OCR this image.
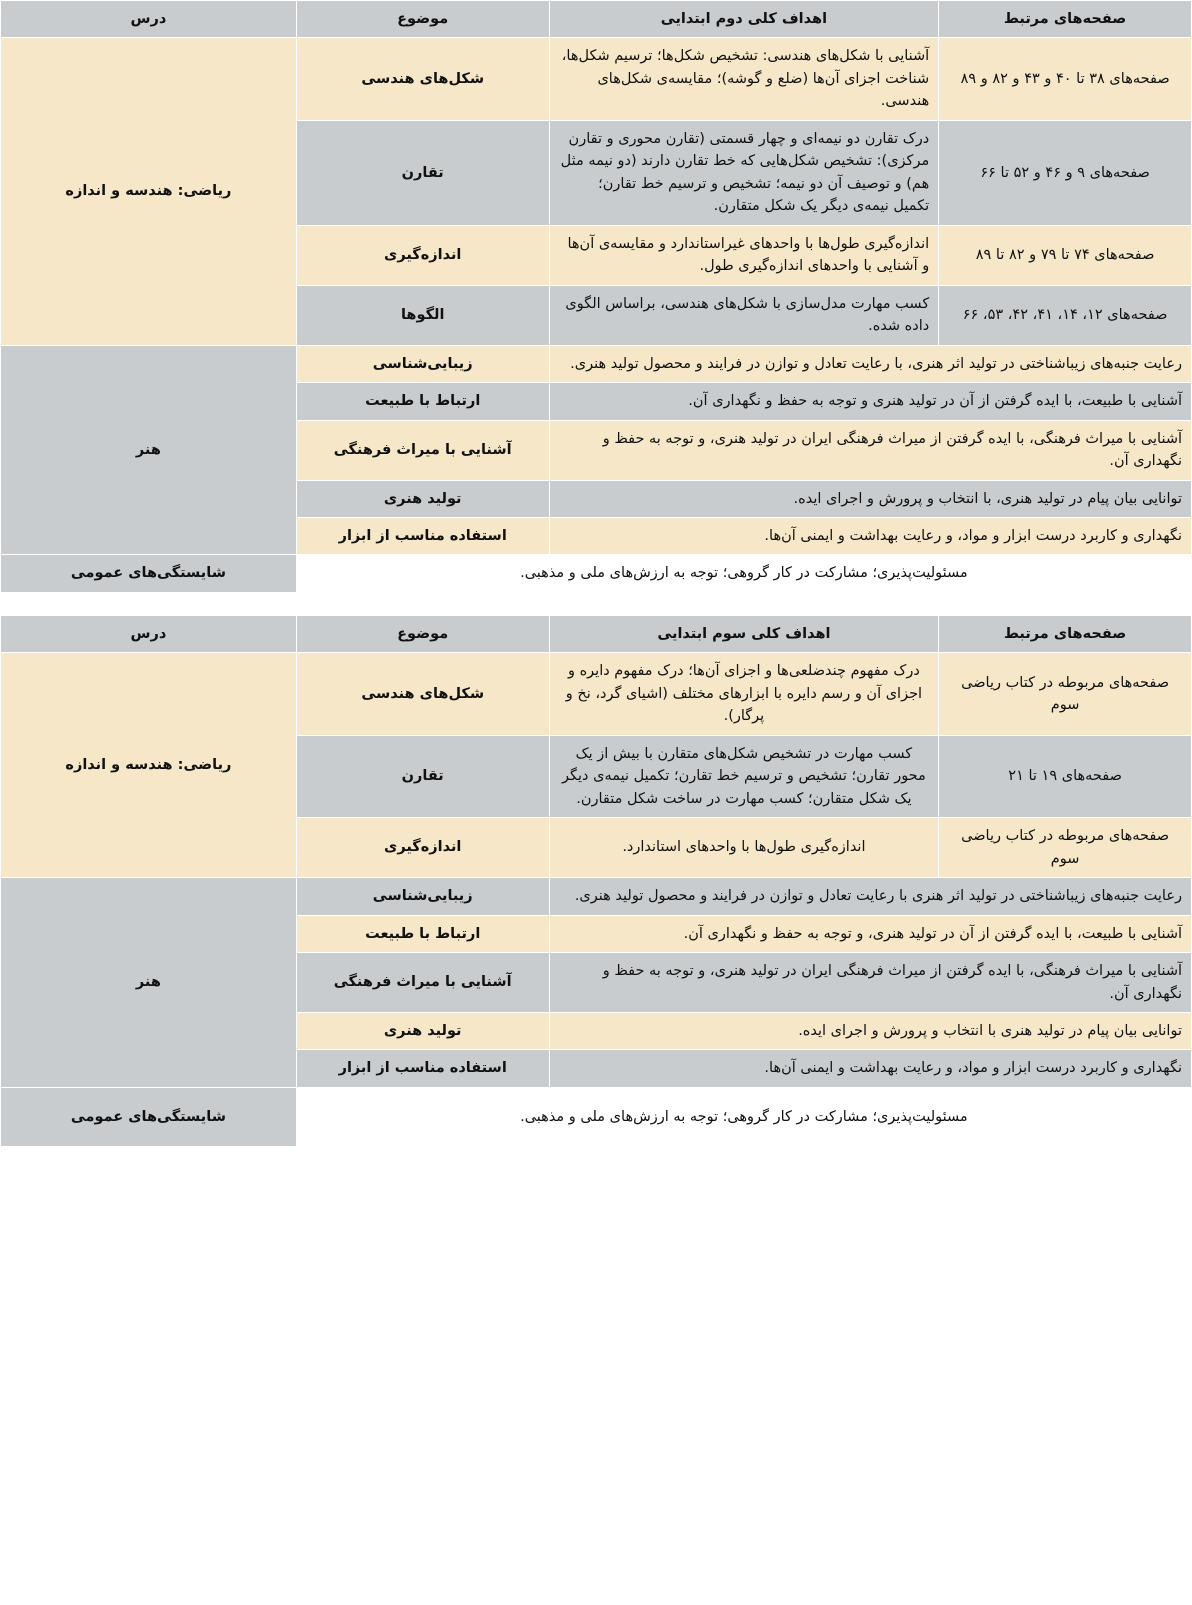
صفحه‌های مرتبط	اهداف کلی دوم ابتدایی	موضوع	درس
صفحه‌های ۳۸ تا ۴۰ و ۴۳ و ۸۲ و ۸۹	آشنایی با شکل‌های هندسی: تشخیص شکل‌ها؛ ترسیم شکل‌ها، شناخت اجزای آن‌ها (ضلع و گوشه)؛ مقایسه‌ی شکل‌های هندسی.	شکل‌های هندسی	ریاضی: هندسه و اندازه
صفحه‌های ۹ و ۴۶ و ۵۲ تا ۶۶	درک تقارن دو نیمه‌ای و چهار قسمتی (تقارن محوری و تقارن مرکزی): تشخیص شکل‌هایی که خط تقارن دارند (دو نیمه مثل هم) و توصیف آن دو نیمه؛ تشخیص و ترسیم خط تقارن؛ تکمیل نیمه‌ی دیگر یک شکل متقارن.	تقارن	
صفحه‌های ۷۴ تا ۷۹ و ۸۲ تا ۸۹	اندازه‌گیری طول‌ها با واحدهای غیراستاندارد و مقایسه‌ی آن‌ها و آشنایی با واحدهای اندازه‌گیری طول.	اندازه‌گیری	
صفحه‌های ۱۲، ۱۴، ۴۱، ۴۲، ۵۳، ۶۶	کسب مهارت مدل‌سازی با شکل‌های هندسی، براساس الگوی داده شده.	الگوها	
رعایت جنبه‌های زیباشناختی در تولید اثر هنری، با رعایت تعادل و توازن در فرایند و محصول تولید هنری.		زیبایی‌شناسی	هنر
آشنایی با طبیعت، با ایده گرفتن از آن در تولید هنری و توجه به حفظ و نگهداری آن.		ارتباط با طبیعت	
آشنایی با میراث فرهنگی، با ایده گرفتن از میراث فرهنگی ایران در تولید هنری، و توجه به حفظ و نگهداری آن.		آشنایی با میراث فرهنگی	
توانایی بیان پیام در تولید هنری، با انتخاب و پرورش و اجرای ایده.		تولید هنری	
نگهداری و کاربرد درست ابزار و مواد، و رعایت بهداشت و ایمنی آن‌ها.		استفاده مناسب از ابزار	
مسئولیت‌پذیری؛ مشارکت در کار گروهی؛ توجه به ارزش‌های ملی و مذهبی.			شایستگی‌های عمومی
صفحه‌های مرتبط	اهداف کلی سوم ابتدایی	موضوع	درس
صفحه‌های مربوطه در کتاب ریاضی سوم	درک مفهوم چندضلعی‌ها و اجزای آن‌ها؛ درک مفهوم دایره و اجزای آن و رسم دایره با ابزارهای مختلف (اشیای گرد، نخ و پرگار).	شکل‌های هندسی	ریاضی: هندسه و اندازه
صفحه‌های ۱۹ تا ۲۱	کسب مهارت در تشخیص شکل‌های متقارن با بیش از یک محور تقارن؛ تشخیص و ترسیم خط تقارن؛ تکمیل نیمه‌ی دیگر یک شکل متقارن؛ کسب مهارت در ساخت شکل متقارن.	تقارن	
صفحه‌های مربوطه در کتاب ریاضی سوم	اندازه‌گیری طول‌ها با واحدهای استاندارد.	اندازه‌گیری	
رعایت جنبه‌های زیباشناختی در تولید اثر هنری با رعایت تعادل و توازن در فرایند و محصول تولید هنری.		زیبایی‌شناسی	هنر
آشنایی با طبیعت، با ایده گرفتن از آن در تولید هنری، و توجه به حفظ و نگهداری آن.		ارتباط با طبیعت	
آشنایی با میراث فرهنگی، با ایده گرفتن از میراث فرهنگی ایران در تولید هنری، و توجه به حفظ و نگهداری آن.		آشنایی با میراث فرهنگی	
توانایی بیان پیام در تولید هنری با انتخاب و پرورش و اجرای ایده.		تولید هنری	
نگهداری و کاربرد درست ابزار و مواد، و رعایت بهداشت و ایمنی آن‌ها.		استفاده مناسب از ابزار	
مسئولیت‌پذیری؛ مشارکت در کار گروهی؛ توجه به ارزش‌های ملی و مذهبی.			شایستگی‌های عمومی
